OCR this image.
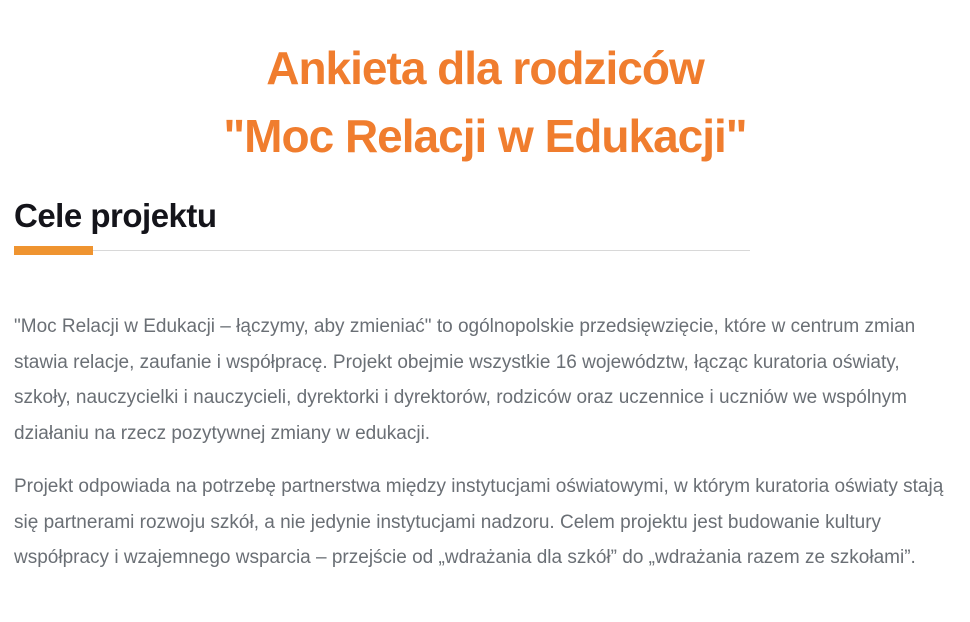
Ankieta dla rodziców
"Moc Relacji w Edukacji"
Cele projektu

"Moc Relacji w Edukacji – łączymy, aby zmieniać" to ogólnopolskie przedsięwzięcie, które w centrum zmian stawia relacje, zaufanie i współpracę. Projekt obejmie wszystkie 16 województw, łącząc kuratoria oświaty, szkoły, nauczycielki i nauczycieli, dyrektorki i dyrektorów, rodziców oraz uczennice i uczniów we wspólnym działaniu na rzecz pozytywnej zmiany w edukacji.

Projekt odpowiada na potrzebę partnerstwa między instytucjami oświatowymi, w którym kuratoria oświaty stają się partnerami rozwoju szkół, a nie jedynie instytucjami nadzoru. Celem projektu jest budowanie kultury współpracy i wzajemnego wsparcia – przejście od „wdrażania dla szkół” do „wdrażania razem ze szkołami”.
